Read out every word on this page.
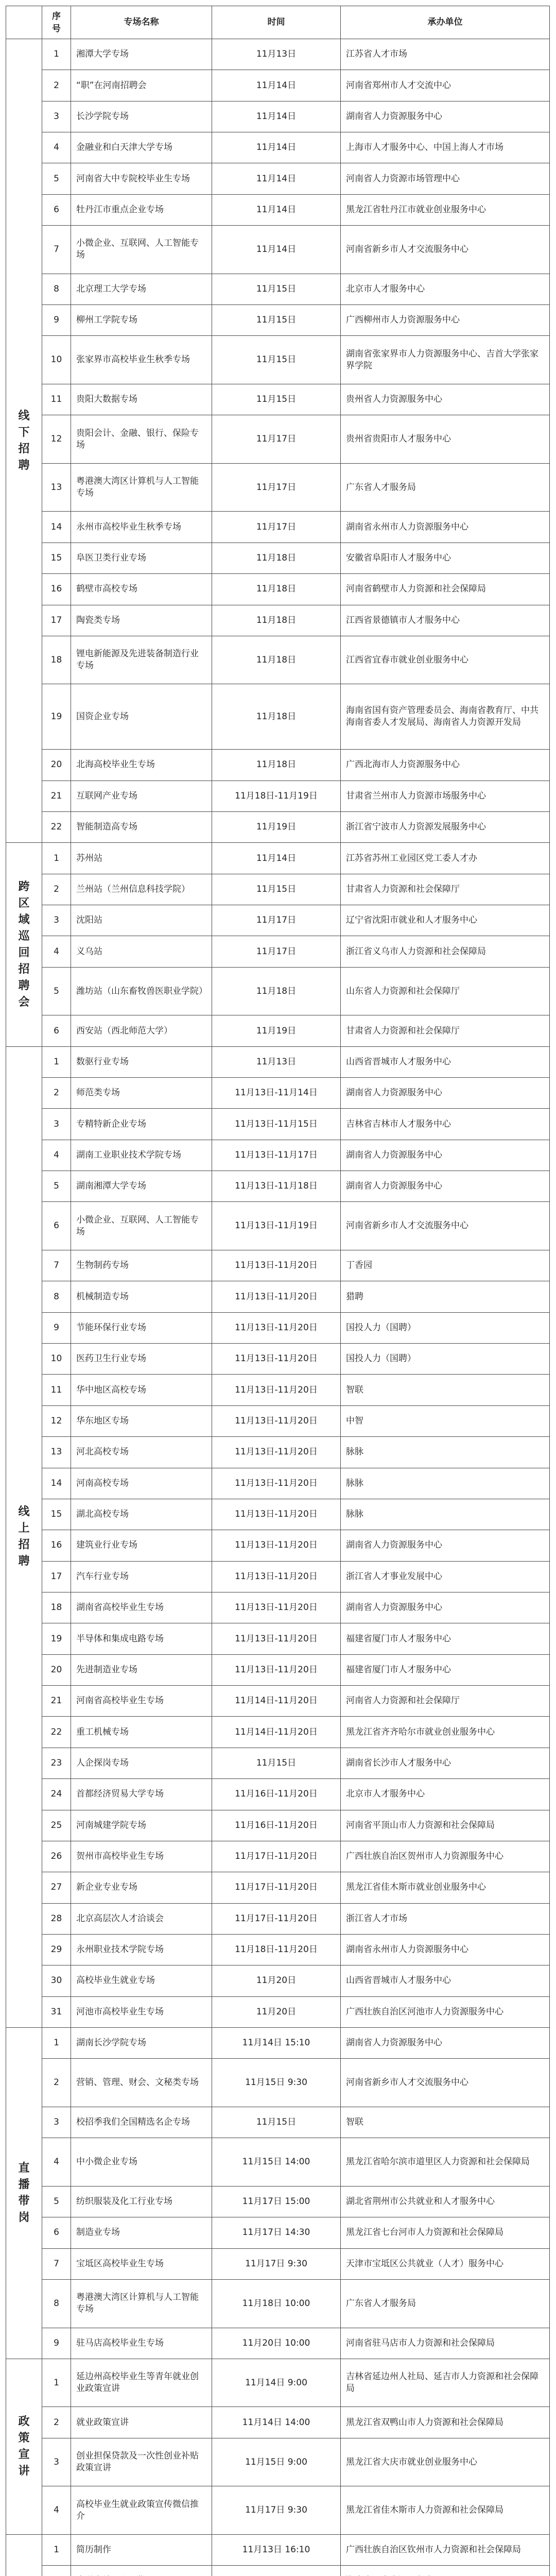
	序号	专场名称	时间	承办单位

线下招聘	1	湘潭大学专场	11月13日	江苏省人才市场
	2	“职”在河南招聘会	11月14日	河南省郑州市人才交流中心
	3	长沙学院专场	11月14日	湖南省人力资源服务中心
	4	金融业和白天津大学专场	11月14日	上海市人才服务中心、中国上海人才市场
	5	河南省大中专院校毕业生专场	11月14日	河南省人力资源市场管理中心
	6	牡丹江市重点企业专场	11月14日	黑龙江省牡丹江市就业创业服务中心
	7	小微企业、互联网、人工智能专场	11月14日	河南省新乡市人才交流服务中心
	8	北京理工大学专场	11月15日	北京市人才服务中心
	9	柳州工学院专场	11月15日	广西柳州市人力资源服务中心
	10	张家界市高校毕业生秋季专场	11月15日	湖南省张家界市人力资源服务中心、吉首大学张家界学院
	11	贵阳大数据专场	11月15日	贵州省人力资源服务中心
	12	贵阳会计、金融、银行、保险专场	11月17日	贵州省贵阳市人才服务中心
	13	粤港澳大湾区计算机与人工智能专场	11月17日	广东省人才服务局
	14	永州市高校毕业生秋季专场	11月17日	湖南省永州市人力资源服务中心
	15	阜医卫类行业专场	11月18日	安徽省阜阳市人才服务中心
	16	鹤壁市高校专场	11月18日	河南省鹤壁市人力资源和社会保障局
	17	陶瓷类专场	11月18日	江西省景德镇市人才服务中心
	18	锂电新能源及先进装备制造行业专场	11月18日	江西省宜春市就业创业服务中心
	19	国资企业专场	11月18日	海南省国有资产管理委员会、海南省教育厅、中共海南省委人才发展局、海南省人力资源开发局
	20	北海高校毕业生专场	11月18日	广西北海市人力资源服务中心
	21	互联网产业专场	11月18日-11月19日	甘肃省兰州市人力资源市场服务中心
	22	智能制造高专场	11月19日	浙江省宁波市人力资源发展服务中心

跨区域巡回招聘会	1	苏州站	11月14日	江苏省苏州工业园区党工委人才办
	2	兰州站（兰州信息科技学院）	11月15日	甘肃省人力资源和社会保障厅
	3	沈阳站	11月17日	辽宁省沈阳市就业和人才服务中心
	4	义乌站	11月17日	浙江省义乌市人力资源和社会保障局
	5	潍坊站（山东畜牧兽医职业学院）	11月18日	山东省人力资源和社会保障厅
	6	西安站（西北师范大学）	11月19日	甘肃省人力资源和社会保障厅

线上招聘	1	数驱行业专场	11月13日	山西省晋城市人才服务中心
	2	师范类专场	11月13日-11月14日	湖南省人力资源服务中心
	3	专精特新企业专场	11月13日-11月15日	吉林省吉林市人才服务中心
	4	湖南工业职业技术学院专场	11月13日-11月17日	湖南省人力资源服务中心
	5	湖南湘潭大学专场	11月13日-11月18日	湖南省人力资源服务中心
	6	小微企业、互联网、人工智能专场	11月13日-11月19日	河南省新乡市人才交流服务中心
	7	生物制药专场	11月13日-11月20日	丁香园
	8	机械制造专场	11月13日-11月20日	猎聘
	9	节能环保行业专场	11月13日-11月20日	国投人力（国聘）
	10	医药卫生行业专场	11月13日-11月20日	国投人力（国聘）
	11	华中地区高校专场	11月13日-11月20日	智联
	12	华东地区专场	11月13日-11月20日	中智
	13	河北高校专场	11月13日-11月20日	脉脉
	14	河南高校专场	11月13日-11月20日	脉脉
	15	湖北高校专场	11月13日-11月20日	脉脉
	16	建筑业行业专场	11月13日-11月20日	湖南省人力资源服务中心
	17	汽车行业专场	11月13日-11月20日	浙江省人才事业发展中心
	18	湖南省高校毕业生专场	11月13日-11月20日	湖南省人力资源服务中心
	19	半导体和集成电路专场	11月13日-11月20日	福建省厦门市人才服务中心
	20	先进制造业专场	11月13日-11月20日	福建省厦门市人才服务中心
	21	河南省高校毕业生专场	11月14日-11月20日	河南省人力资源和社会保障厅
	22	重工机械专场	11月14日-11月20日	黑龙江省齐齐哈尔市就业创业服务中心
	23	人企探岗专场	11月15日	湖南省长沙市人才服务中心
	24	首都经济贸易大学专场	11月16日-11月20日	北京市人才服务中心
	25	河南城建学院专场	11月16日-11月20日	河南省平顶山市人力资源和社会保障局
	26	贺州市高校毕业生专场	11月17日-11月20日	广西壮族自治区贺州市人力资源服务中心
	27	新企业专业专场	11月17日-11月20日	黑龙江省佳木斯市就业创业服务中心
	28	北京高层次人才洽谈会	11月17日-11月20日	浙江省人才市场
	29	永州职业技术学院专场	11月18日-11月20日	湖南省永州市人力资源服务中心
	30	高校毕业生就业专场	11月20日	山西省晋城市人才服务中心
	31	河池市高校毕业生专场	11月20日	广西壮族自治区河池市人力资源服务中心

直播带岗	1	湖南长沙学院专场	11月14日 15:10	湖南省人力资源服务中心
	2	营销、管理、财会、文秘类专场	11月15日 9:30	河南省新乡市人才交流服务中心
	3	校招季我们全国精选名企专场	11月15日	智联
	4	中小微企业专场	11月15日 14:00	黑龙江省哈尔滨市道里区人力资源和社会保障局
	5	纺织服装及化工行业专场	11月17日 15:00	湖北省荆州市公共就业和人才服务中心
	6	制造业专场	11月17日 14:30	黑龙江省七台河市人力资源和社会保障局
	7	宝坻区高校毕业生专场	11月17日 9:30	天津市宝坻区公共就业（人才）服务中心
	8	粤港澳大湾区计算机与人工智能专场	11月18日 10:00	广东省人才服务局
	9	驻马店高校毕业生专场	11月20日 10:00	河南省驻马店市人力资源和社会保障局

政策宣讲	1	延边州高校毕业生等青年就业创业政策宣讲	11月14日 9:00	吉林省延边州人社局、延吉市人力资源和社会保障局
	2	就业政策宣讲	11月14日 14:00	黑龙江省双鸭山市人力资源和社会保障局
	3	创业担保贷款及一次性创业补贴政策宣讲	11月15日 9:00	黑龙江省大庆市就业创业服务中心
	4	高校毕业生就业政策宣传微信推介	11月17日 9:30	黑龙江省佳木斯市人力资源和社会保障局

	1	简历制作	11月13日 16:10	广西壮族自治区钦州市人力资源和社会保障局
